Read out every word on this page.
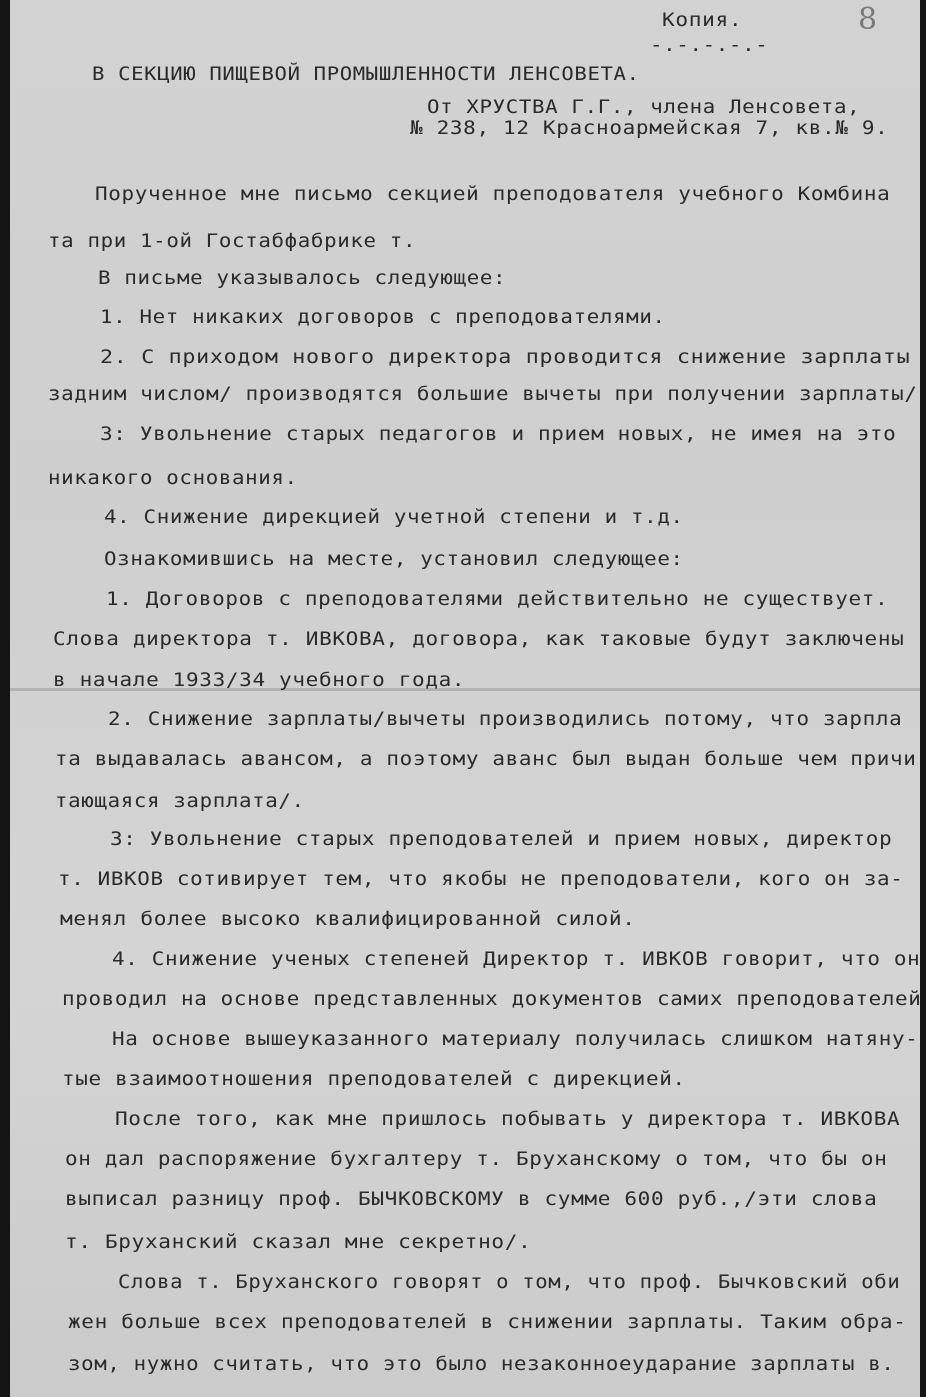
8
Копия.
-.-.-.-.-
В СЕКЦИЮ ПИЩЕВОЙ ПРОМЫШЛЕННОСТИ ЛЕНСОВЕТА.
От ХРУСТВА Г.Г., члена Ленсовета,
№ 238, 12 Красноармейская 7, кв.№ 9.
Порученное мне письмо секцией преподователя учебного Комбина
та при 1-ой Гостабфабрике т.
В письме указывалось следующее:
1. Нет никаких договоров с преподователями.
2. С приходом нового директора проводится снижение зарплаты
задним числом/ производятся большие вычеты при получении зарплаты/
3: Увольнение старых педагогов и прием новых, не имея на это
никакого основания.
4. Снижение дирекцией учетной степени и т.д.
Ознакомившись на месте, установил следующее:
1. Договоров с преподователями действительно не существует.
Слова директора т. ИВКОВА, договора, как таковые будут заключены
в начале 1933/34 учебного года.
2. Снижение зарплаты/вычеты производились потому, что зарпла
та выдавалась авансом, а поэтому аванс был выдан больше чем причи
тающаяся зарплата/.
3: Увольнение старых преподователей и прием новых, директор
т. ИВКОВ сотивирует тем, что якобы не преподователи, кого он за-
менял более высоко квалифицированной силой.
4. Снижение ученых степеней Директор т. ИВКОВ говорит, что он
проводил на основе представленных документов самих преподователей
На основе вышеуказанного материалу получилась слишком натяну-
тые взаимоотношения преподователей с дирекцией.
После того, как мне пришлось побывать у директора т. ИВКОВА
он дал распоряжение бухгалтеру т. Бруханскому о том, что бы он
выписал разницу проф. БЫЧКОВСКОМУ в сумме 600 руб.,/эти слова
т. Бруханский сказал мне секретно/.
Слова т. Бруханского говорят о том, что проф. Бычковский оби
жен больше всех преподователей в снижении зарплаты. Таким обра-
зом, нужно считать, что это было незаконноеударание зарплаты в.
